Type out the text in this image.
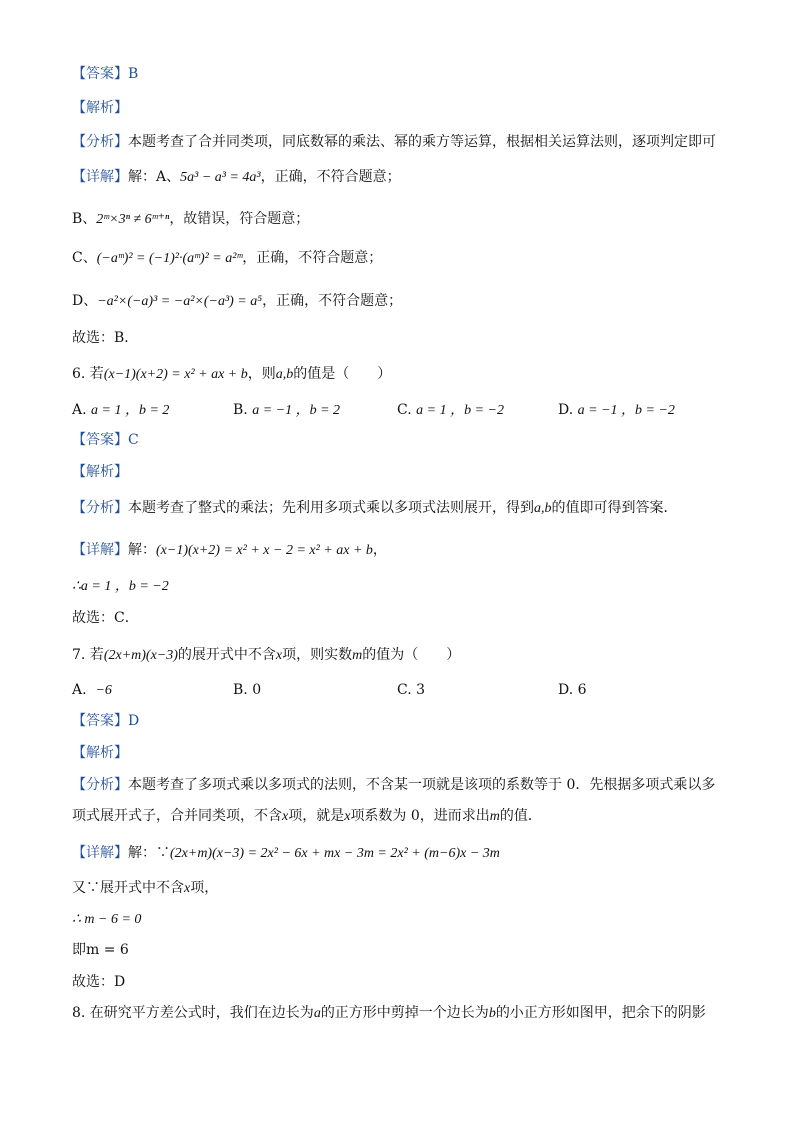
【答案】B
【解析】
【分析】本题考查了合并同类项，同底数幂的乘法、幂的乘方等运算，根据相关运算法则，逐项判定即可
【详解】解：A、5a³ − a³ = 4a³，正确，不符合题意；
B、2ᵐ×3ⁿ ≠ 6ᵐ⁺ⁿ，故错误，符合题意；
C、(−aᵐ)² = (−1)²·(aᵐ)² = a²ᵐ，正确，不符合题意；
D、−a²×(−a)³ = −a²×(−a³) = a⁵，正确，不符合题意；
故选：B．
6. 若(x−1)(x+2) = x² + ax + b，则a,b的值是（　　）
A. a = 1 ，b = 2	B. a = −1 ，b = 2	C. a = 1 ，b = −2	D. a = −1 ，b = −2
【答案】C
【解析】
【分析】本题考查了整式的乘法；先利用多项式乘以多项式法则展开，得到a,b的值即可得到答案．
【详解】解：(x−1)(x+2) = x² + x − 2 = x² + ax + b，
∴a = 1 ，b = −2
故选：C．
7. 若(2x+m)(x−3)的展开式中不含x项，则实数m的值为（　　）
A. −6	B. 0	C. 3	D. 6
【答案】D
【解析】
【分析】本题考查了多项式乘以多项式的法则，不含某一项就是该项的系数等于 0．先根据多项式乘以多
项式展开式子，合并同类项，不含x项，就是x项系数为 0，进而求出m的值．
【详解】解：∵(2x+m)(x−3) = 2x² − 6x + mx − 3m = 2x² + (m−6)x − 3m
又∵展开式中不含x项，
∴ m − 6 = 0
即m = 6
故选：D
8. 在研究平方差公式时，我们在边长为a的正方形中剪掉一个边长为b的小正方形如图甲，把余下的阴影
